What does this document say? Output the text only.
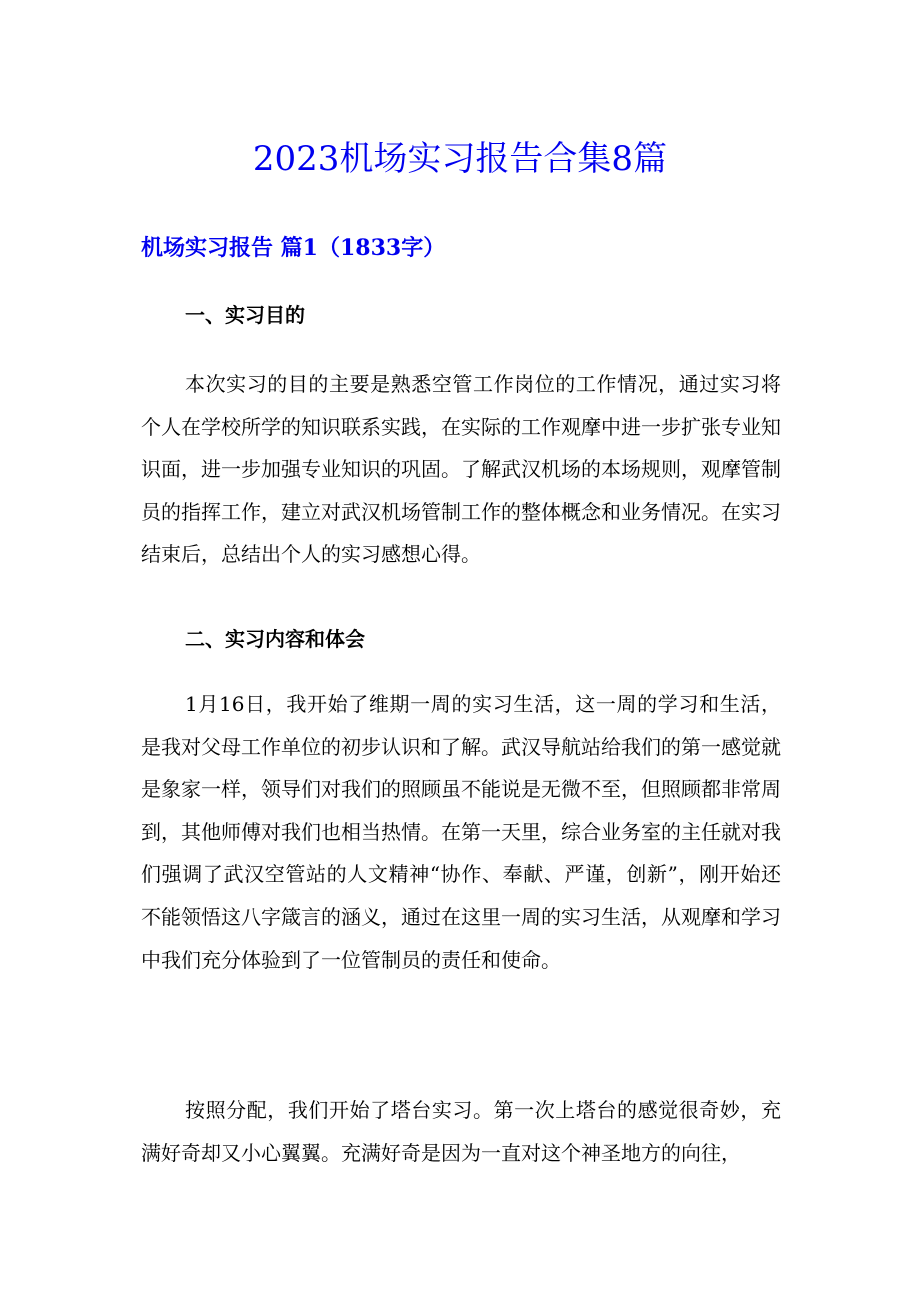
2023机场实习报告合集8篇
机场实习报告 篇1（1833字）
一、实习目的
本次实习的目的主要是熟悉空管工作岗位的工作情况，通过实习将个人在学校所学的知识联系实践，在实际的工作观摩中进一步扩张专业知识面，进一步加强专业知识的巩固。了解武汉机场的本场规则，观摩管制员的指挥工作，建立对武汉机场管制工作的整体概念和业务情况。在实习结束后，总结出个人的实习感想心得。
二、实习内容和体会
1月16日，我开始了维期一周的实习生活，这一周的学习和生活，是我对父母工作单位的初步认识和了解。武汉导航站给我们的第一感觉就是象家一样，领导们对我们的照顾虽不能说是无微不至，但照顾都非常周到，其他师傅对我们也相当热情。在第一天里，综合业务室的主任就对我们强调了武汉空管站的人文精神“协作、奉献、严谨，创新”，刚开始还不能领悟这八字箴言的涵义，通过在这里一周的实习生活，从观摩和学习中我们充分体验到了一位管制员的责任和使命。
按照分配，我们开始了塔台实习。第一次上塔台的感觉很奇妙，充满好奇却又小心翼翼。充满好奇是因为一直对这个神圣地方的向往，
